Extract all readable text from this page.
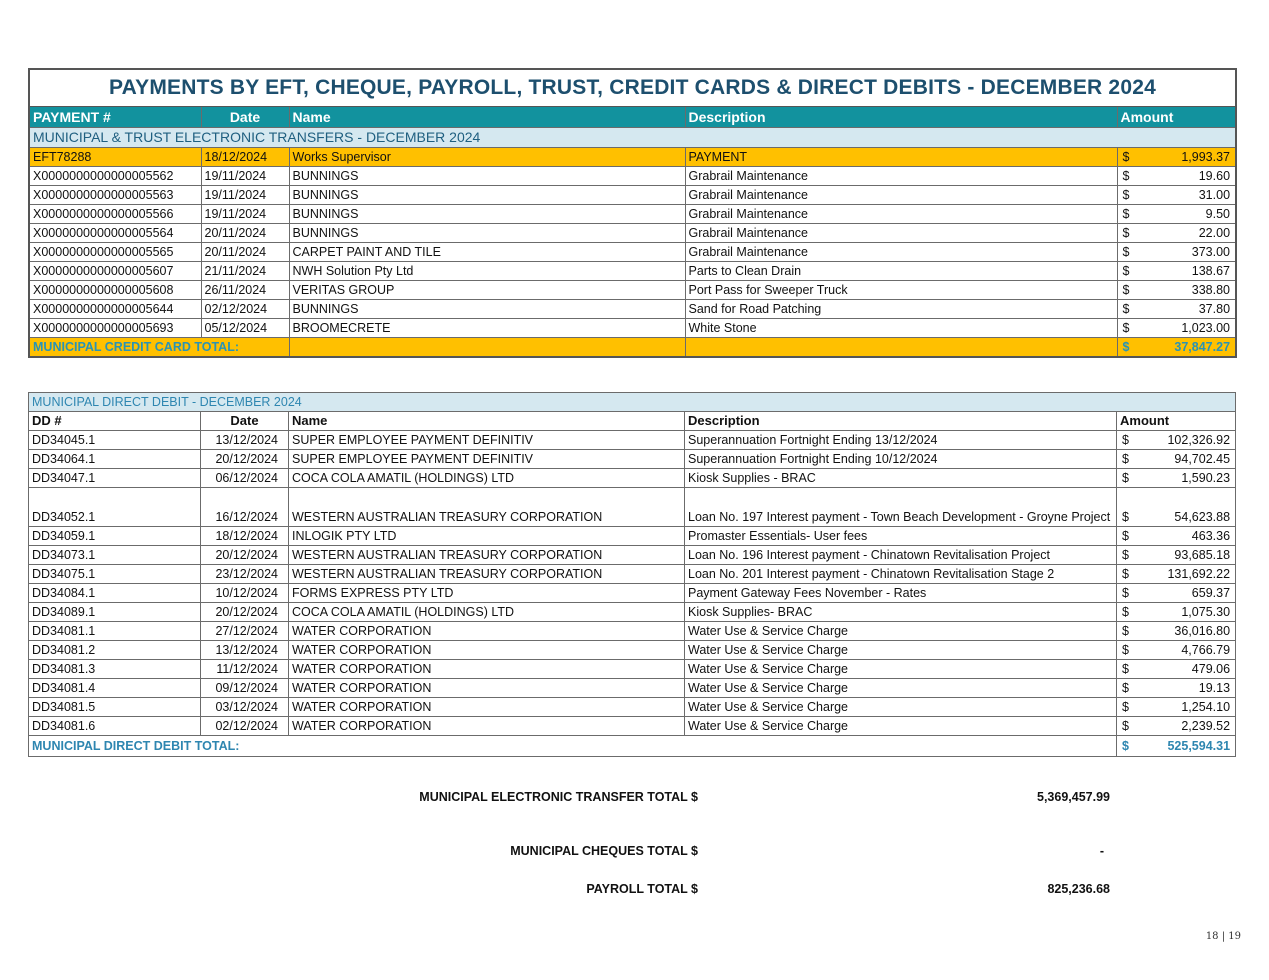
PAYMENTS BY EFT, CHEQUE, PAYROLL, TRUST, CREDIT CARDS & DIRECT DEBITS - DECEMBER 2024				
PAYMENT #	Date	Name	Description	Amount
MUNICIPAL & TRUST ELECTRONIC TRANSFERS - DECEMBER 2024				
EFT78288	18/12/2024	Works Supervisor	PAYMENT	$ 1,993.37

X0000000000000005562	19/11/2024	BUNNINGS	Grabrail Maintenance	$ 19.60

X0000000000000005563	19/11/2024	BUNNINGS	Grabrail Maintenance	$ 31.00

X0000000000000005566	19/11/2024	BUNNINGS	Grabrail Maintenance	$ 9.50

X0000000000000005564	20/11/2024	BUNNINGS	Grabrail Maintenance	$ 22.00

X0000000000000005565	20/11/2024	CARPET PAINT AND TILE	Grabrail Maintenance	$ 373.00

X0000000000000005607	21/11/2024	NWH Solution Pty Ltd	Parts to Clean Drain	$ 138.67

X0000000000000005608	26/11/2024	VERITAS GROUP	Port Pass for Sweeper Truck	$ 338.80

X0000000000000005644	02/12/2024	BUNNINGS	Sand for Road Patching	$ 37.80

X0000000000000005693	05/12/2024	BROOMECRETE	White Stone	$ 1,023.00

MUNICIPAL CREDIT CARD TOTAL:				$ 37,847.27
MUNICIPAL DIRECT DEBIT - DECEMBER 2024				
DD #	Date	Name	Description	Amount
DD34045.1	13/12/2024	SUPER EMPLOYEE PAYMENT DEFINITIV	Superannuation Fortnight Ending 13/12/2024	$ 102,326.92

DD34064.1	20/12/2024	SUPER EMPLOYEE PAYMENT DEFINITIV	Superannuation Fortnight Ending 10/12/2024	$ 94,702.45

DD34047.1	06/12/2024	COCA COLA AMATIL (HOLDINGS) LTD	Kiosk Supplies - BRAC	$ 1,590.23

DD34052.1	16/12/2024	WESTERN AUSTRALIAN TREASURY CORPORATION	Loan No. 197 Interest payment - Town Beach Development - Groyne Project	$ 54,623.88

DD34059.1	18/12/2024	INLOGIK PTY LTD	Promaster Essentials- User fees	$ 463.36

DD34073.1	20/12/2024	WESTERN AUSTRALIAN TREASURY CORPORATION	Loan No. 196 Interest payment - Chinatown Revitalisation Project	$ 93,685.18

DD34075.1	23/12/2024	WESTERN AUSTRALIAN TREASURY CORPORATION	Loan No. 201 Interest payment - Chinatown Revitalisation Stage 2	$ 131,692.22

DD34084.1	10/12/2024	FORMS EXPRESS PTY LTD	Payment Gateway Fees November - Rates	$ 659.37

DD34089.1	20/12/2024	COCA COLA AMATIL (HOLDINGS) LTD	Kiosk Supplies- BRAC	$ 1,075.30

DD34081.1	27/12/2024	WATER CORPORATION	Water Use & Service Charge	$ 36,016.80

DD34081.2	13/12/2024	WATER CORPORATION	Water Use & Service Charge	$ 4,766.79

DD34081.3	11/12/2024	WATER CORPORATION	Water Use & Service Charge	$ 479.06

DD34081.4	09/12/2024	WATER CORPORATION	Water Use & Service Charge	$ 19.13

DD34081.5	03/12/2024	WATER CORPORATION	Water Use & Service Charge	$ 1,254.10

DD34081.6	02/12/2024	WATER CORPORATION	Water Use & Service Charge	$ 2,239.52

MUNICIPAL DIRECT DEBIT TOTAL:				$ 525,594.31
MUNICIPAL ELECTRONIC TRANSFER TOTAL $	5,369,457.99
MUNICIPAL CHEQUES TOTAL $	-
PAYROLL TOTAL $	825,236.68
18 | 19
